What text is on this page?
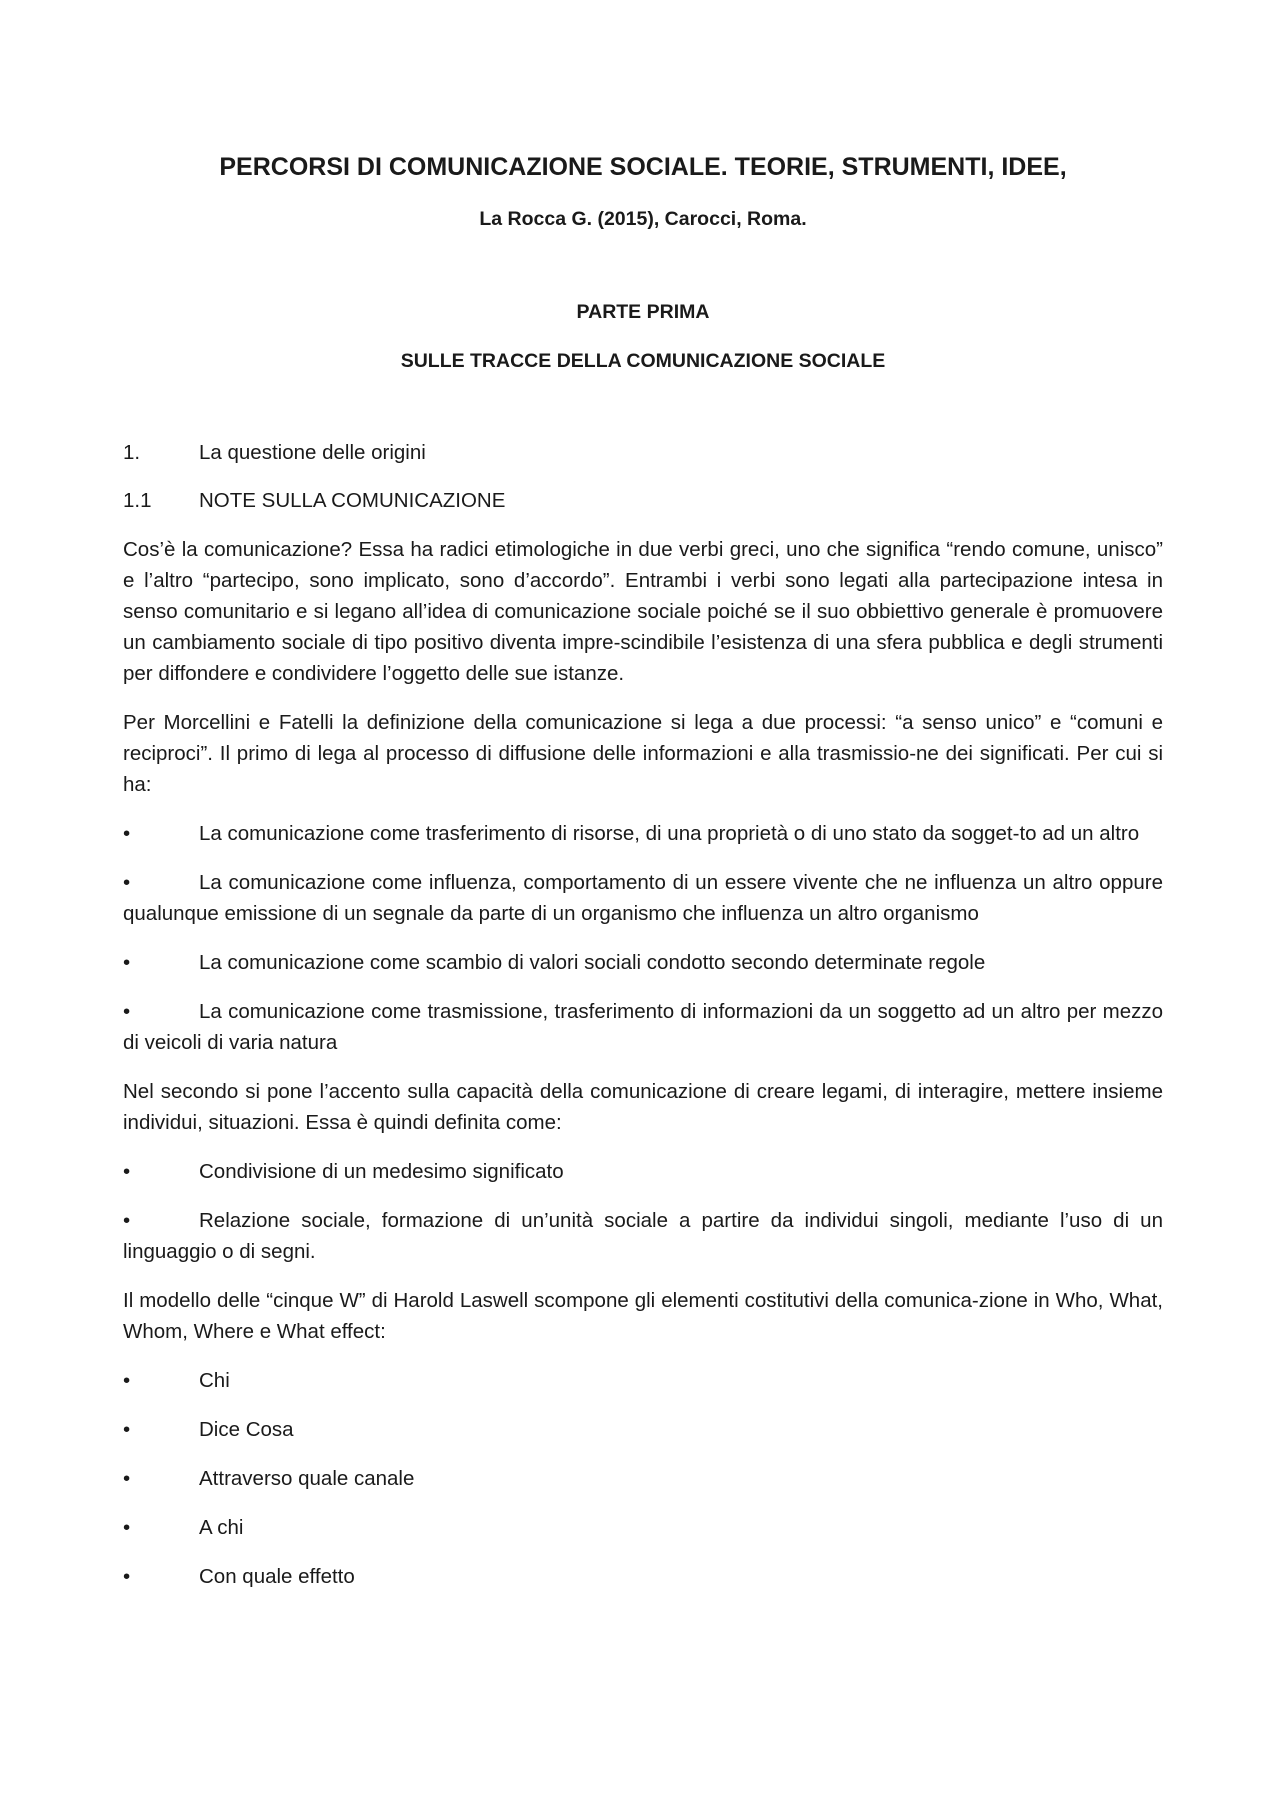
PERCORSI DI COMUNICAZIONE SOCIALE. TEORIE, STRUMENTI, IDEE,
La Rocca G. (2015), Carocci, Roma.
PARTE PRIMA
SULLE TRACCE DELLA COMUNICAZIONE SOCIALE
1.	La questione delle origini
1.1	NOTE SULLA COMUNICAZIONE

Cos’è la comunicazione? Essa ha radici etimologiche in due verbi greci, uno che significa “rendo comune, unisco” e l’altro “partecipo, sono implicato, sono d’accordo”. Entrambi i verbi sono legati alla partecipazione intesa in senso comunitario e si legano all’idea di comunicazione sociale poiché se il suo obbiettivo generale è promuovere un cambiamento sociale di tipo positivo diventa impre-scindibile l’esistenza di una sfera pubblica e degli strumenti per diffondere e condividere l’oggetto delle sue istanze.

Per Morcellini e Fatelli la definizione della comunicazione si lega a due processi: “a senso unico” e “comuni e reciproci”. Il primo di lega al processo di diffusione delle informazioni e alla trasmissio-ne dei significati. Per cui si ha:

•	La comunicazione come trasferimento di risorse, di una proprietà o di uno stato da sogget-to ad un altro
•	La comunicazione come influenza, comportamento di un essere vivente che ne influenza un altro oppure qualunque emissione di un segnale da parte di un organismo che influenza un altro organismo
•	La comunicazione come scambio di valori sociali condotto secondo determinate regole
•	La comunicazione come trasmissione, trasferimento di informazioni da un soggetto ad un altro per mezzo di veicoli di varia natura

Nel secondo si pone l’accento sulla capacità della comunicazione di creare legami, di interagire, mettere insieme individui, situazioni. Essa è quindi definita come:

•	Condivisione di un medesimo significato
•	Relazione sociale, formazione di un’unità sociale a partire da individui singoli, mediante l’uso di un linguaggio o di segni.

Il modello delle “cinque W” di Harold Laswell scompone gli elementi costitutivi della comunica-zione in Who, What, Whom, Where e What effect:

•	Chi
•	Dice Cosa
•	Attraverso quale canale
•	A chi
•	Con quale effetto
